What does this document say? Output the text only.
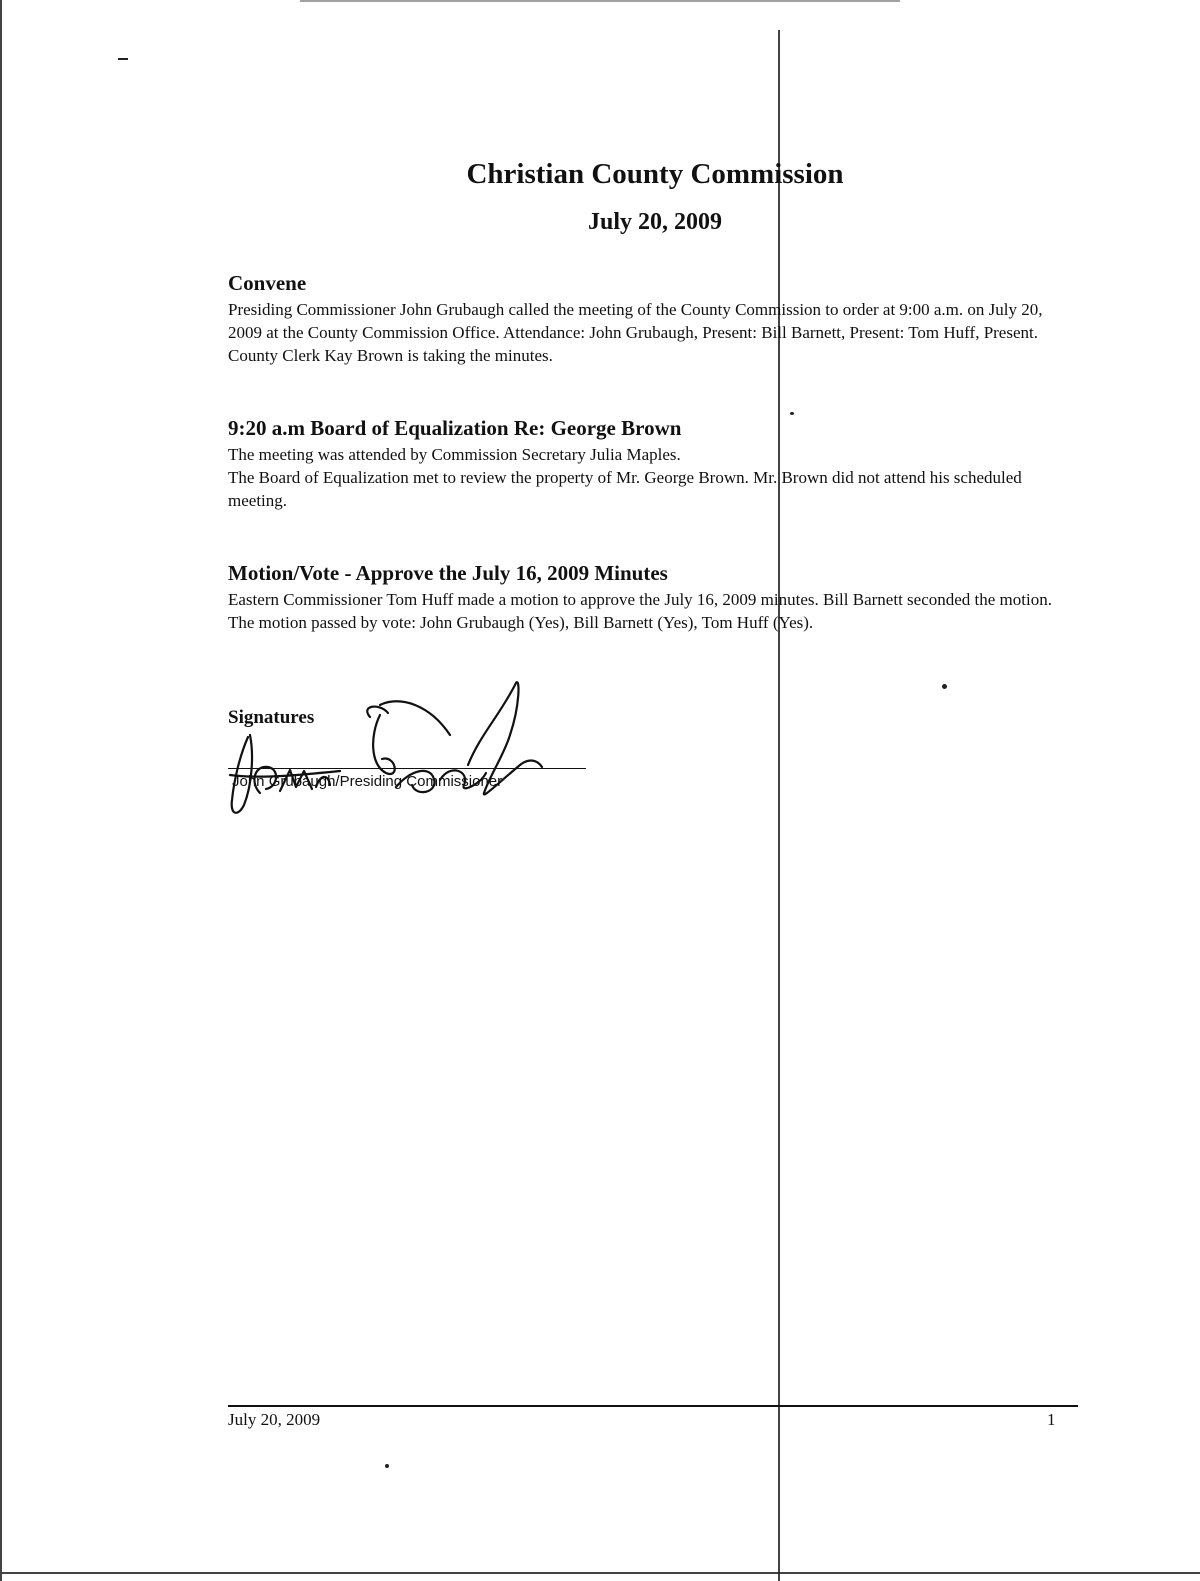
Christian County Commission
July 20, 2009
Convene
Presiding Commissioner John Grubaugh called the meeting of the County Commission to order at 9:00 a.m. on July 20, 2009 at the County Commission Office. Attendance: John Grubaugh, Present: Bill Barnett, Present: Tom Huff, Present. County Clerk Kay Brown is taking the minutes.
9:20 a.m Board of Equalization Re: George Brown
The meeting was attended by Commission Secretary Julia Maples.
The Board of Equalization met to review the property of Mr. George Brown. Mr. Brown did not attend his scheduled meeting.
Motion/Vote - Approve the July 16, 2009 Minutes
Eastern Commissioner Tom Huff made a motion to approve the July 16, 2009 minutes. Bill Barnett seconded the motion. The motion passed by vote: John Grubaugh (Yes), Bill Barnett (Yes), Tom Huff (Yes).
Signatures
John Grubaugh/Presiding Commissioner
July 20, 2009	1
